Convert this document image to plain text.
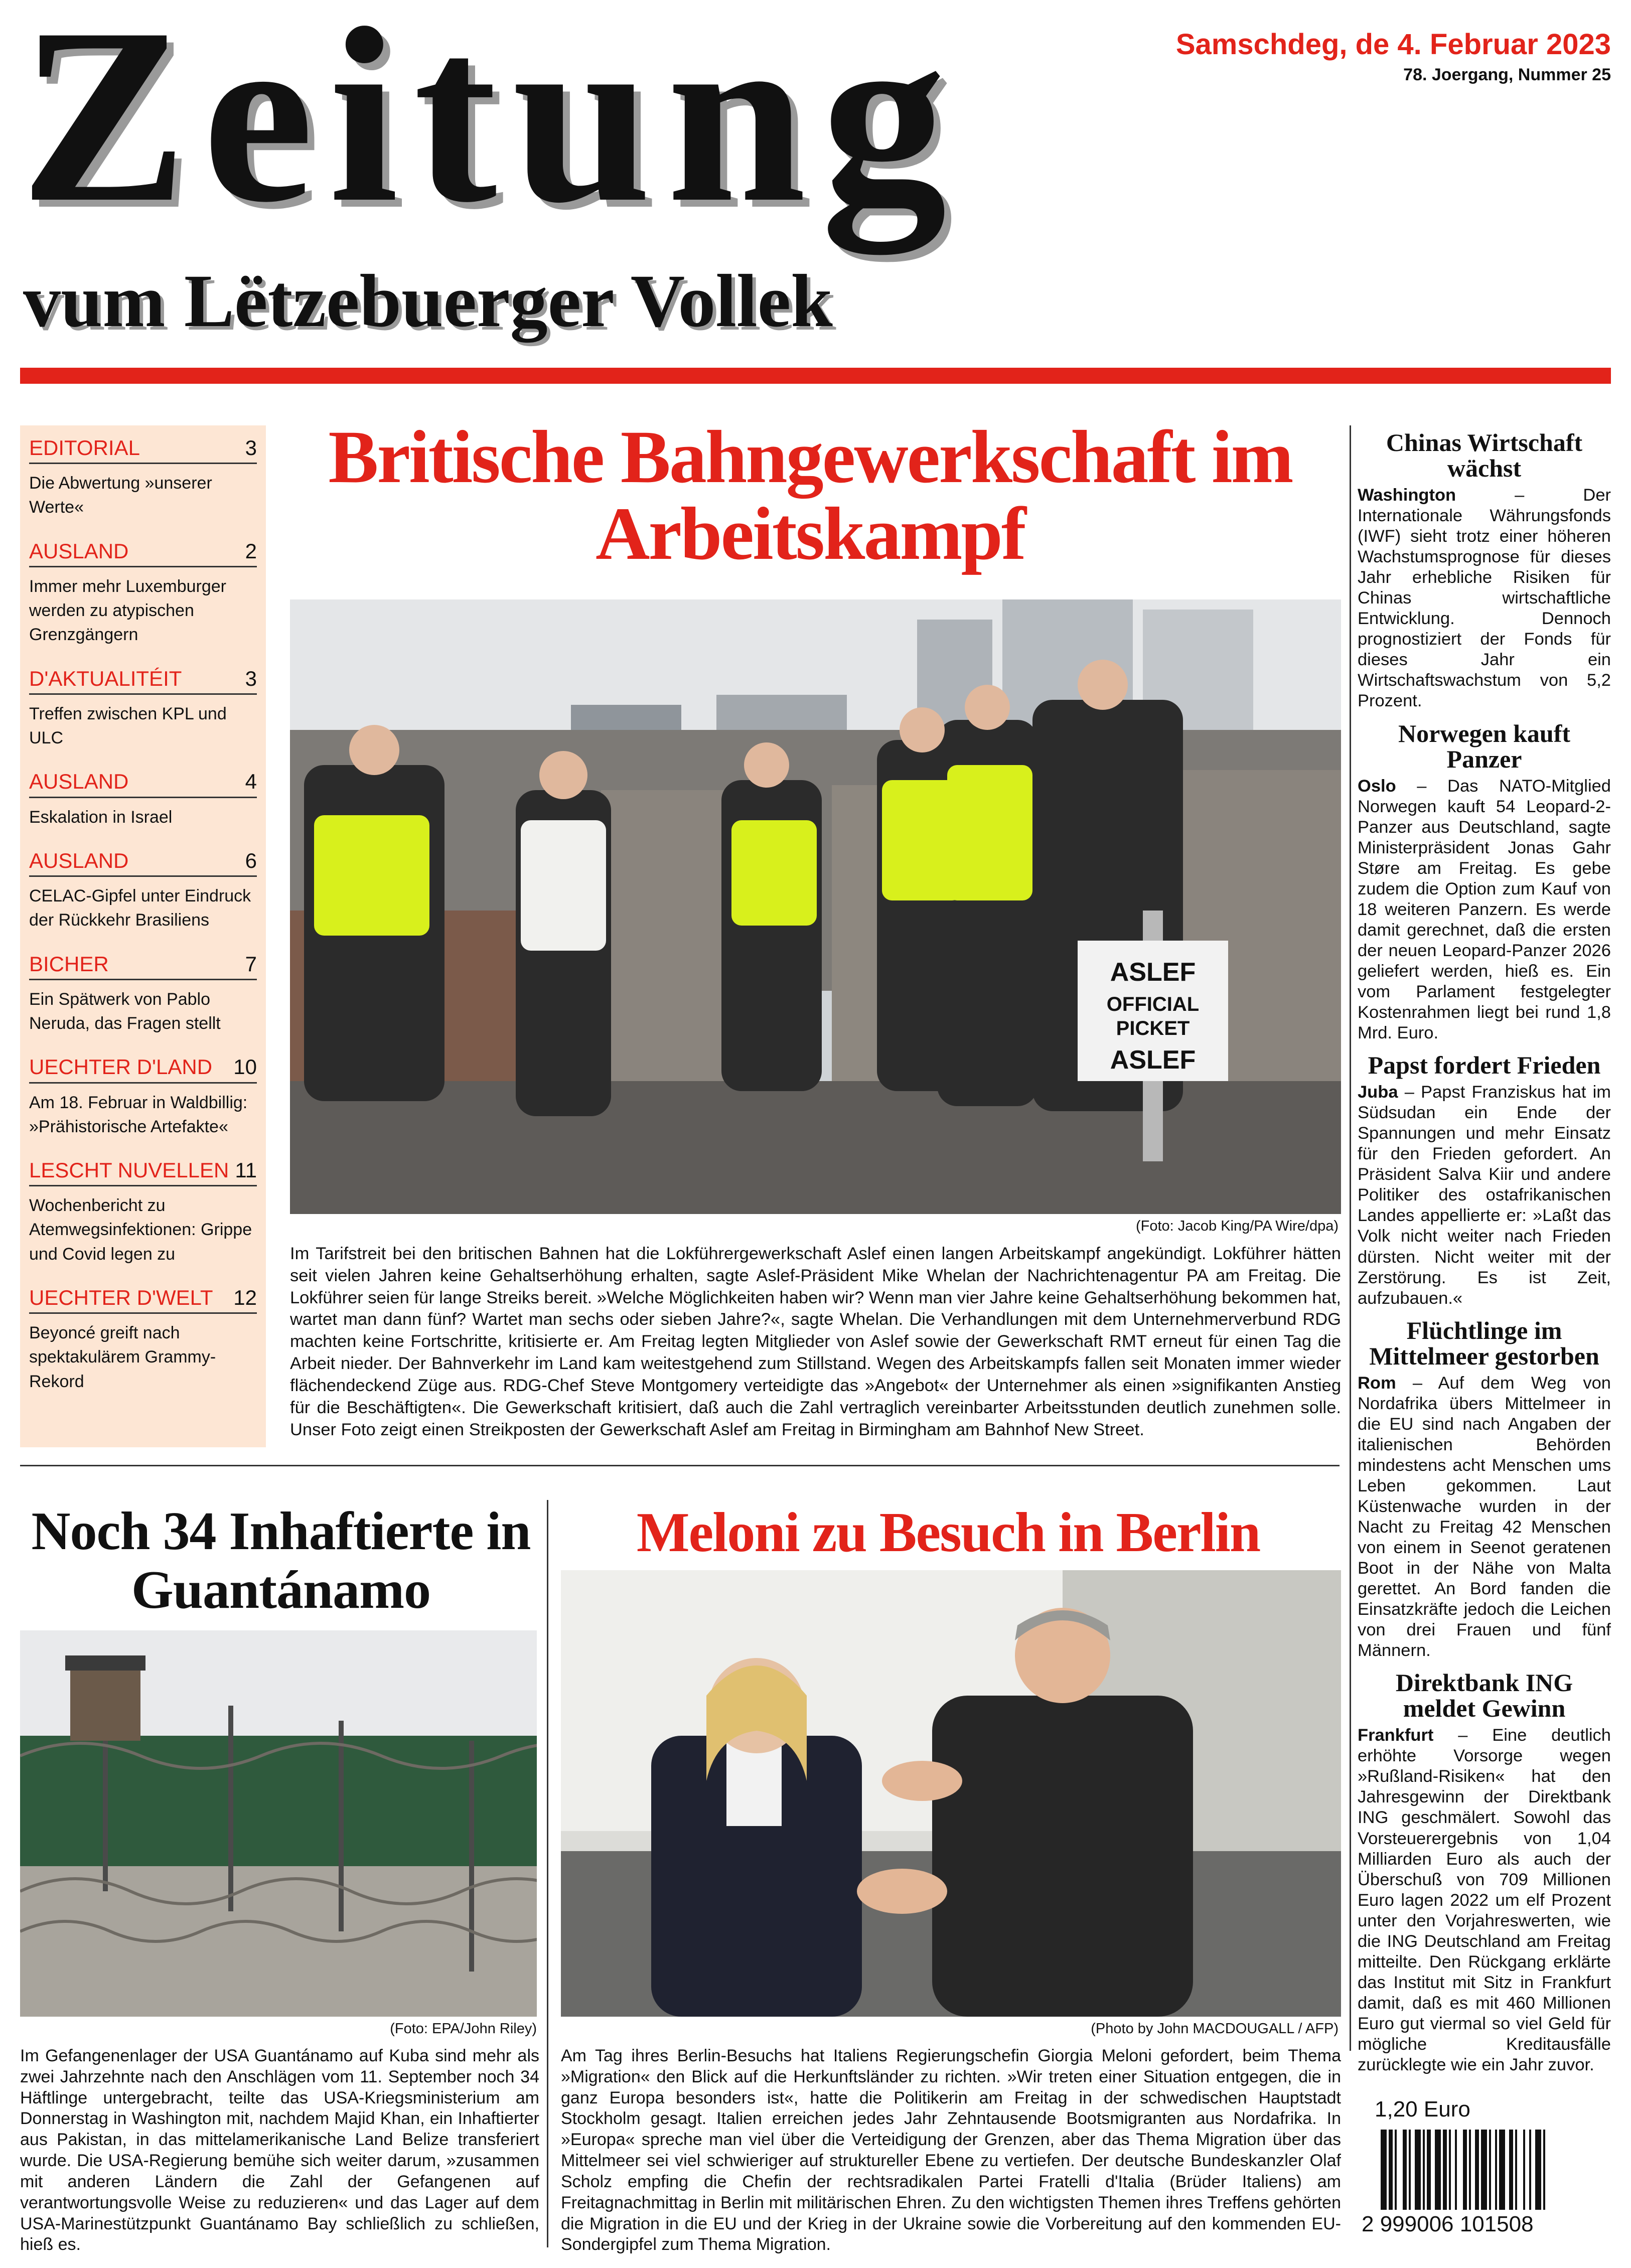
Zeitung
vum Lëtzebuerger Vollek
Samschdeg, de 4. Februar 2023
78. Joergang, Nummer 25
EDITORIAL	3
Die Abwertung »unserer Werte«
AUSLAND	2
Immer mehr Luxemburger werden zu atypischen Grenzgängern
D'AKTUALITÉIT	3
Treffen zwischen KPL und ULC
AUSLAND	4
Eskalation in Israel
AUSLAND	6
CELAC-Gipfel unter Eindruck der Rückkehr Brasiliens
BICHER	7
Ein Spätwerk von Pablo Neruda, das Fragen stellt
UECHTER D'LAND 10
Am 18. Februar in Waldbillig: »Prähistorische Artefakte«
LESCHT NUVELLEN 11
Wochenbericht zu Atemwegsinfektionen: Grippe und Covid legen zu
UECHTER D'WELT 12
Beyoncé greift nach spektakulärem Grammy-Rekord
Britische Bahngewerkschaft im Arbeitskampf
ASLEF
OFFICIAL
PICKET
ASLEF
(Foto: Jacob King/PA Wire/dpa)
Im Tarifstreit bei den britischen Bahnen hat die Lokführergewerkschaft Aslef einen langen Arbeitskampf angekündigt. Lokführer hätten seit vielen Jahren keine Gehaltserhöhung erhalten, sagte Aslef-Präsident Mike Whelan der Nachrichtenagentur PA am Freitag. Die Lokführer seien für lange Streiks bereit. »Welche Möglichkeiten haben wir? Wenn man vier Jahre keine Gehaltserhöhung bekommen hat, wartet man dann fünf? Wartet man sechs oder sieben Jahre?«, sagte Whelan. Die Verhandlungen mit dem Unternehmerverbund RDG machten keine Fortschritte, kritisierte er. Am Freitag legten Mitglieder von Aslef sowie der Gewerkschaft RMT erneut für einen Tag die Arbeit nieder. Der Bahnverkehr im Land kam weitestgehend zum Stillstand. Wegen des Arbeitskampfs fallen seit Monaten immer wieder flächendeckend Züge aus. RDG-Chef Steve Montgomery verteidigte das »Angebot« der Unternehmer als einen »signifikanten Anstieg für die Beschäftigten«. Die Gewerkschaft kritisiert, daß auch die Zahl vertraglich vereinbarter Arbeitsstunden deutlich zunehmen solle. Unser Foto zeigt einen Streikposten der Gewerkschaft Aslef am Freitag in Birmingham am Bahnhof New Street.
Chinas Wirtschaft wächst
Washington – Der Internationale Währungsfonds (IWF) sieht trotz einer höheren Wachstumsprognose für dieses Jahr erhebliche Risiken für Chinas wirtschaftliche Entwicklung. Dennoch prognostiziert der Fonds für dieses Jahr ein Wirtschaftswachstum von 5,2 Prozent.
Norwegen kauft Panzer
Oslo – Das NATO-Mitglied Norwegen kauft 54 Leopard-2-Panzer aus Deutschland, sagte Ministerpräsident Jonas Gahr Støre am Freitag. Es gebe zudem die Option zum Kauf von 18 weiteren Panzern. Es werde damit gerechnet, daß die ersten der neuen Leopard-Panzer 2026 geliefert werden, hieß es. Ein vom Parlament festgelegter Kostenrahmen liegt bei rund 1,8 Mrd. Euro.
Papst fordert Frieden
Juba – Papst Franziskus hat im Südsudan ein Ende der Spannungen und mehr Einsatz für den Frieden gefordert. An Präsident Salva Kiir und andere Politiker des ostafrikanischen Landes appellierte er: »Laßt das Volk nicht weiter nach Frieden dürsten. Nicht weiter mit der Zerstörung. Es ist Zeit, aufzubauen.«
Flüchtlinge im Mittelmeer gestorben
Rom – Auf dem Weg von Nordafrika übers Mittelmeer in die EU sind nach Angaben der italienischen Behörden mindestens acht Menschen ums Leben gekommen. Laut Küstenwache wurden in der Nacht zu Freitag 42 Menschen von einem in Seenot geratenen Boot in der Nähe von Malta gerettet. An Bord fanden die Einsatzkräfte jedoch die Leichen von drei Frauen und fünf Männern.
Direktbank ING meldet Gewinn
Frankfurt – Eine deutlich erhöhte Vorsorge wegen »Rußland-Risiken« hat den Jahresgewinn der Direktbank ING geschmälert. Sowohl das Vorsteuerergebnis von 1,04 Milliarden Euro als auch der Überschuß von 709 Millionen Euro lagen 2022 um elf Prozent unter den Vorjahreswerten, wie die ING Deutschland am Freitag mitteilte. Den Rückgang erklärte das Institut mit Sitz in Frankfurt damit, daß es mit 460 Millionen Euro gut viermal so viel Geld für mögliche Kreditausfälle zurücklegte wie ein Jahr zuvor.
Noch 34 Inhaftierte in Guantánamo
(Foto: EPA/John Riley)
Im Gefangenenlager der USA Guantánamo auf Kuba sind mehr als zwei Jahrzehnte nach den Anschlägen vom 11. September noch 34 Häftlinge untergebracht, teilte das USA-Kriegsministerium am Donnerstag in Washington mit, nachdem Majid Khan, ein Inhaftierter aus Pakistan, in das mittelamerikanische Land Belize transferiert wurde. Die USA-Regierung bemühe sich weiter darum, »zusammen mit anderen Ländern die Zahl der Gefangenen auf verantwortungsvolle Weise zu reduzieren« und das Lager auf dem USA-Marinestützpunkt Guantánamo Bay schließlich zu schließen, hieß es.
Meloni zu Besuch in Berlin
(Photo by John MACDOUGALL / AFP)
Am Tag ihres Berlin-Besuchs hat Italiens Regierungschefin Giorgia Meloni gefordert, beim Thema »Migration« den Blick auf die Herkunftsländer zu richten. »Wir treten einer Situation entgegen, die in ganz Europa besonders ist«, hatte die Politikerin am Freitag in der schwedischen Hauptstadt Stockholm gesagt. Italien erreichen jedes Jahr Zehntausende Bootsmigranten aus Nordafrika. In »Europa« spreche man viel über die Verteidigung der Grenzen, aber das Thema Migration über das Mittelmeer sei viel schwieriger auf struktureller Ebene zu vertiefen. Der deutsche Bundeskanzler Olaf Scholz empfing die Chefin der rechtsradikalen Partei Fratelli d'Italia (Brüder Italiens) am Freitagnachmittag in Berlin mit militärischen Ehren. Zu den wichtigsten Themen ihres Treffens gehörten die Migration in die EU und der Krieg in der Ukraine sowie die Vorbereitung auf den kommenden EU-Sondergipfel zum Thema Migration.
1,20 Euro
2 999006 101508
